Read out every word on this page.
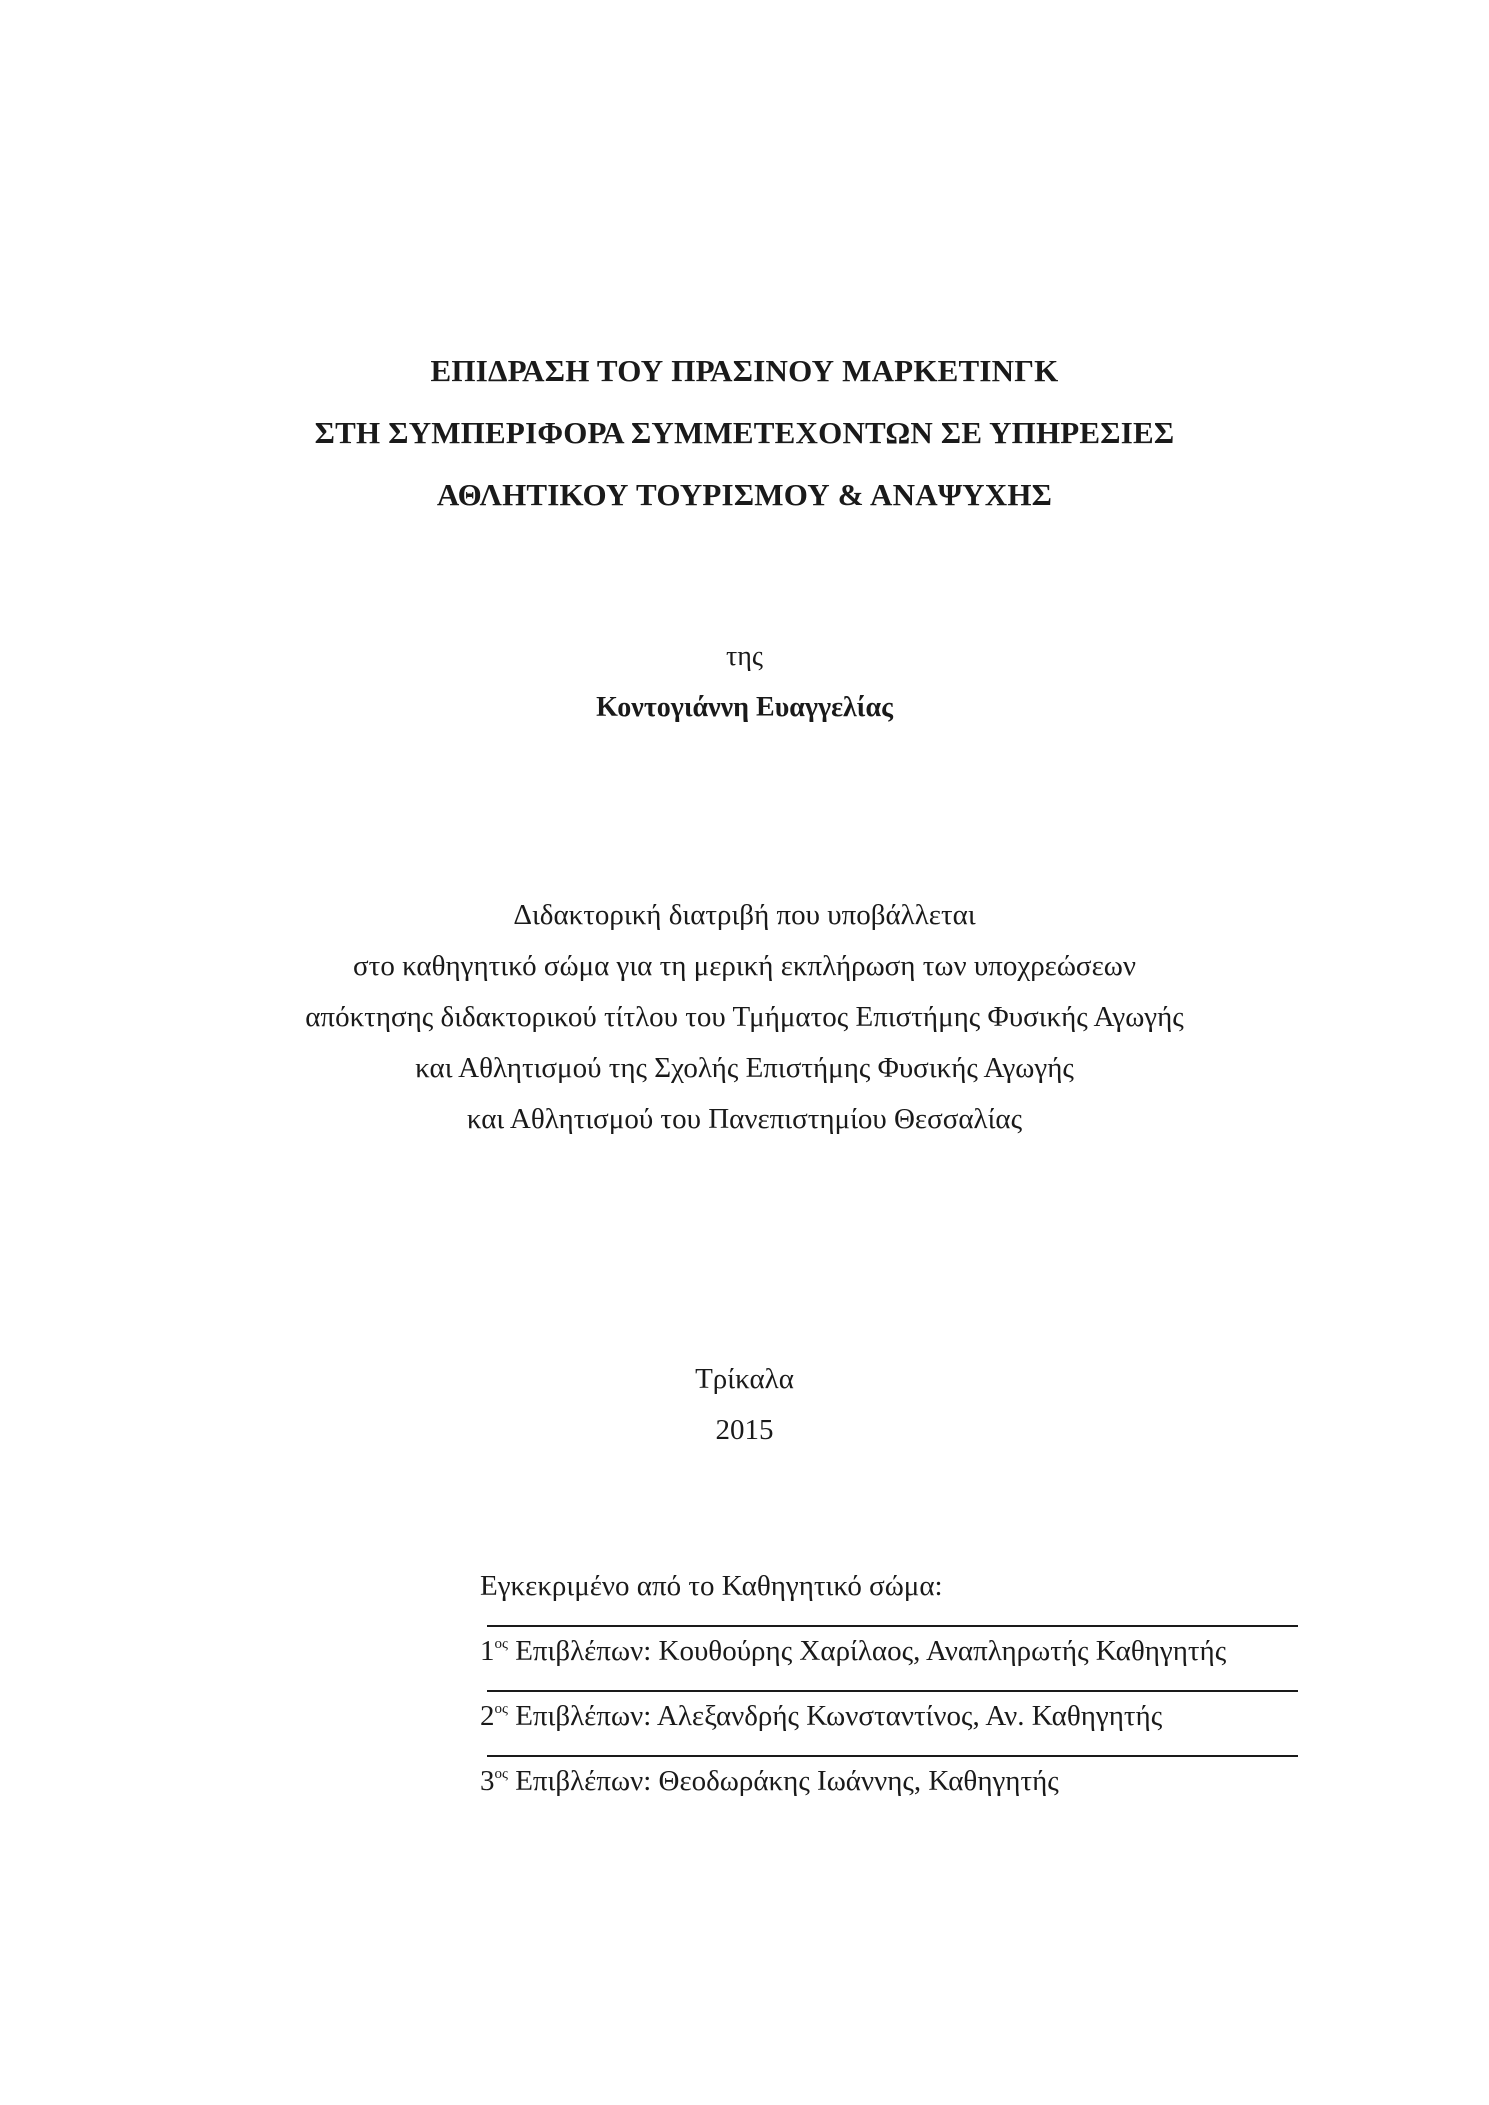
ΕΠΙΔΡΑΣΗ ΤΟΥ ΠΡΑΣΙΝΟΥ ΜΑΡΚΕΤΙΝΓΚ
ΣΤΗ ΣΥΜΠΕΡΙΦΟΡΑ ΣΥΜΜΕΤΕΧΟΝΤΩΝ ΣΕ ΥΠΗΡΕΣΙΕΣ
ΑΘΛΗΤΙΚΟΥ ΤΟΥΡΙΣΜΟΥ & ΑΝΑΨΥΧΗΣ
της
Κοντογιάννη Ευαγγελίας
Διδακτορική διατριβή που υποβάλλεται
στο καθηγητικό σώμα για τη μερική εκπλήρωση των υποχρεώσεων
απόκτησης διδακτορικού τίτλου του Τμήματος Επιστήμης Φυσικής Αγωγής
και Αθλητισμού της Σχολής Επιστήμης Φυσικής Αγωγής
και Αθλητισμού του Πανεπιστημίου Θεσσαλίας
Τρίκαλα
2015
Εγκεκριμένο από το Καθηγητικό σώμα:
$1^{o\varsigma}$ Επιβλέπων: Κουθούρης Χαρίλαος, Αναπληρωτής Καθηγητής
$2^{o\varsigma}$ Επιβλέπων: Αλεξανδρής Κωνσταντίνος, Αν. Καθηγητής
$3^{o\varsigma}$ Επιβλέπων: Θεοδωράκης Ιωάννης, Καθηγητής
